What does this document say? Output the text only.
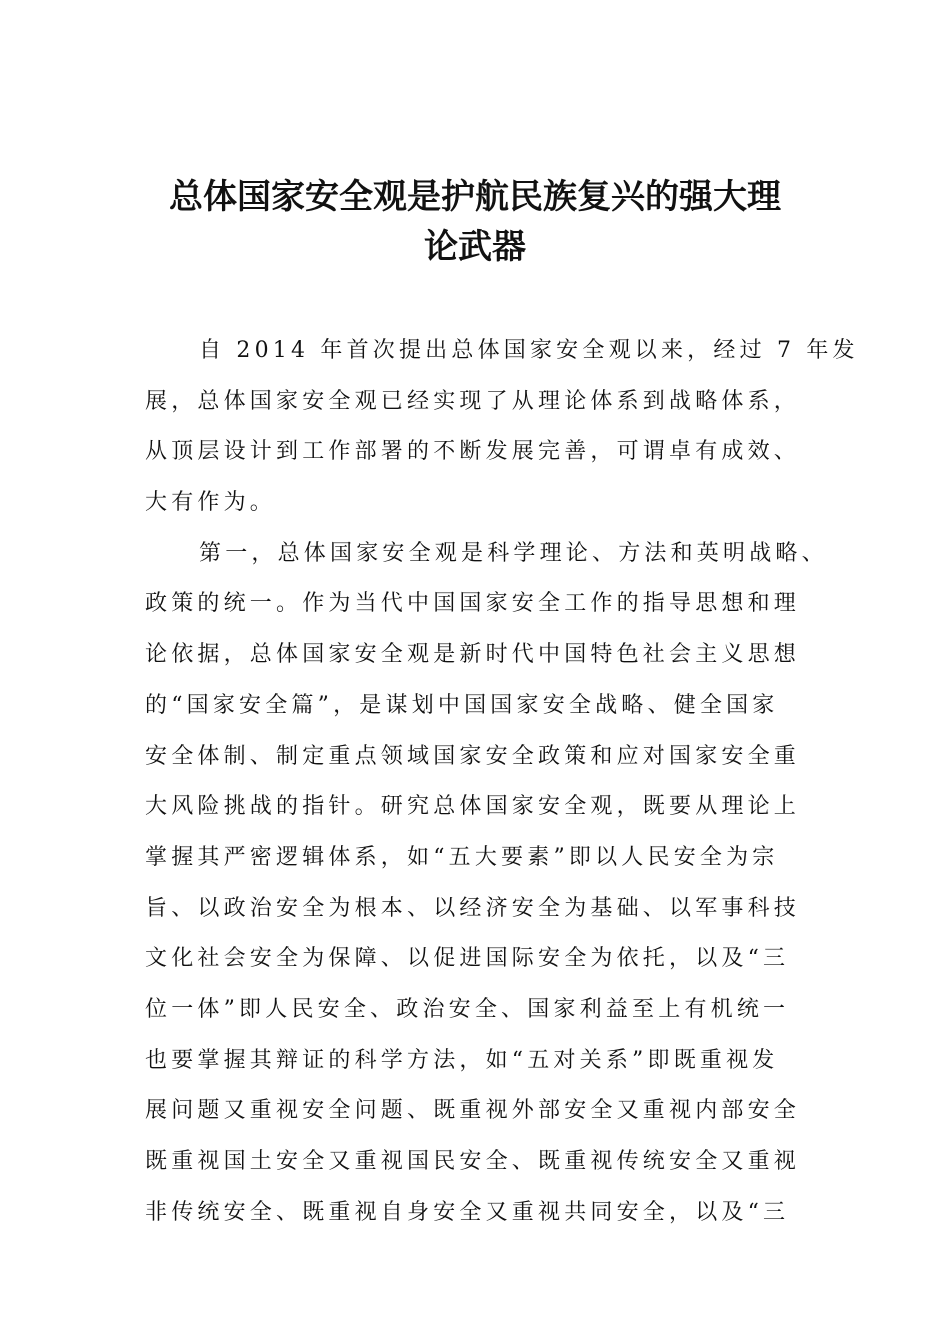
总体国家安全观是护航民族复兴的强大理
论武器
自 2014 年首次提出总体国家安全观以来，经过 7 年发
展，总体国家安全观已经实现了从理论体系到战略体系，
从顶层设计到工作部署的不断发展完善，可谓卓有成效、
大有作为。
第一，总体国家安全观是科学理论、方法和英明战略、
政策的统一。作为当代中国国家安全工作的指导思想和理
论依据，总体国家安全观是新时代中国特色社会主义思想
的“国家安全篇”，是谋划中国国家安全战略、健全国家
安全体制、制定重点领域国家安全政策和应对国家安全重
大风险挑战的指针。研究总体国家安全观，既要从理论上
掌握其严密逻辑体系，如“五大要素”即以人民安全为宗
旨、以政治安全为根本、以经济安全为基础、以军事科技
文化社会安全为保障、以促进国际安全为依托，以及“三
位一体”即人民安全、政治安全、国家利益至上有机统一
也要掌握其辩证的科学方法，如“五对关系”即既重视发
展问题又重视安全问题、既重视外部安全又重视内部安全
既重视国土安全又重视国民安全、既重视传统安全又重视
非传统安全、既重视自身安全又重视共同安全，以及“三
